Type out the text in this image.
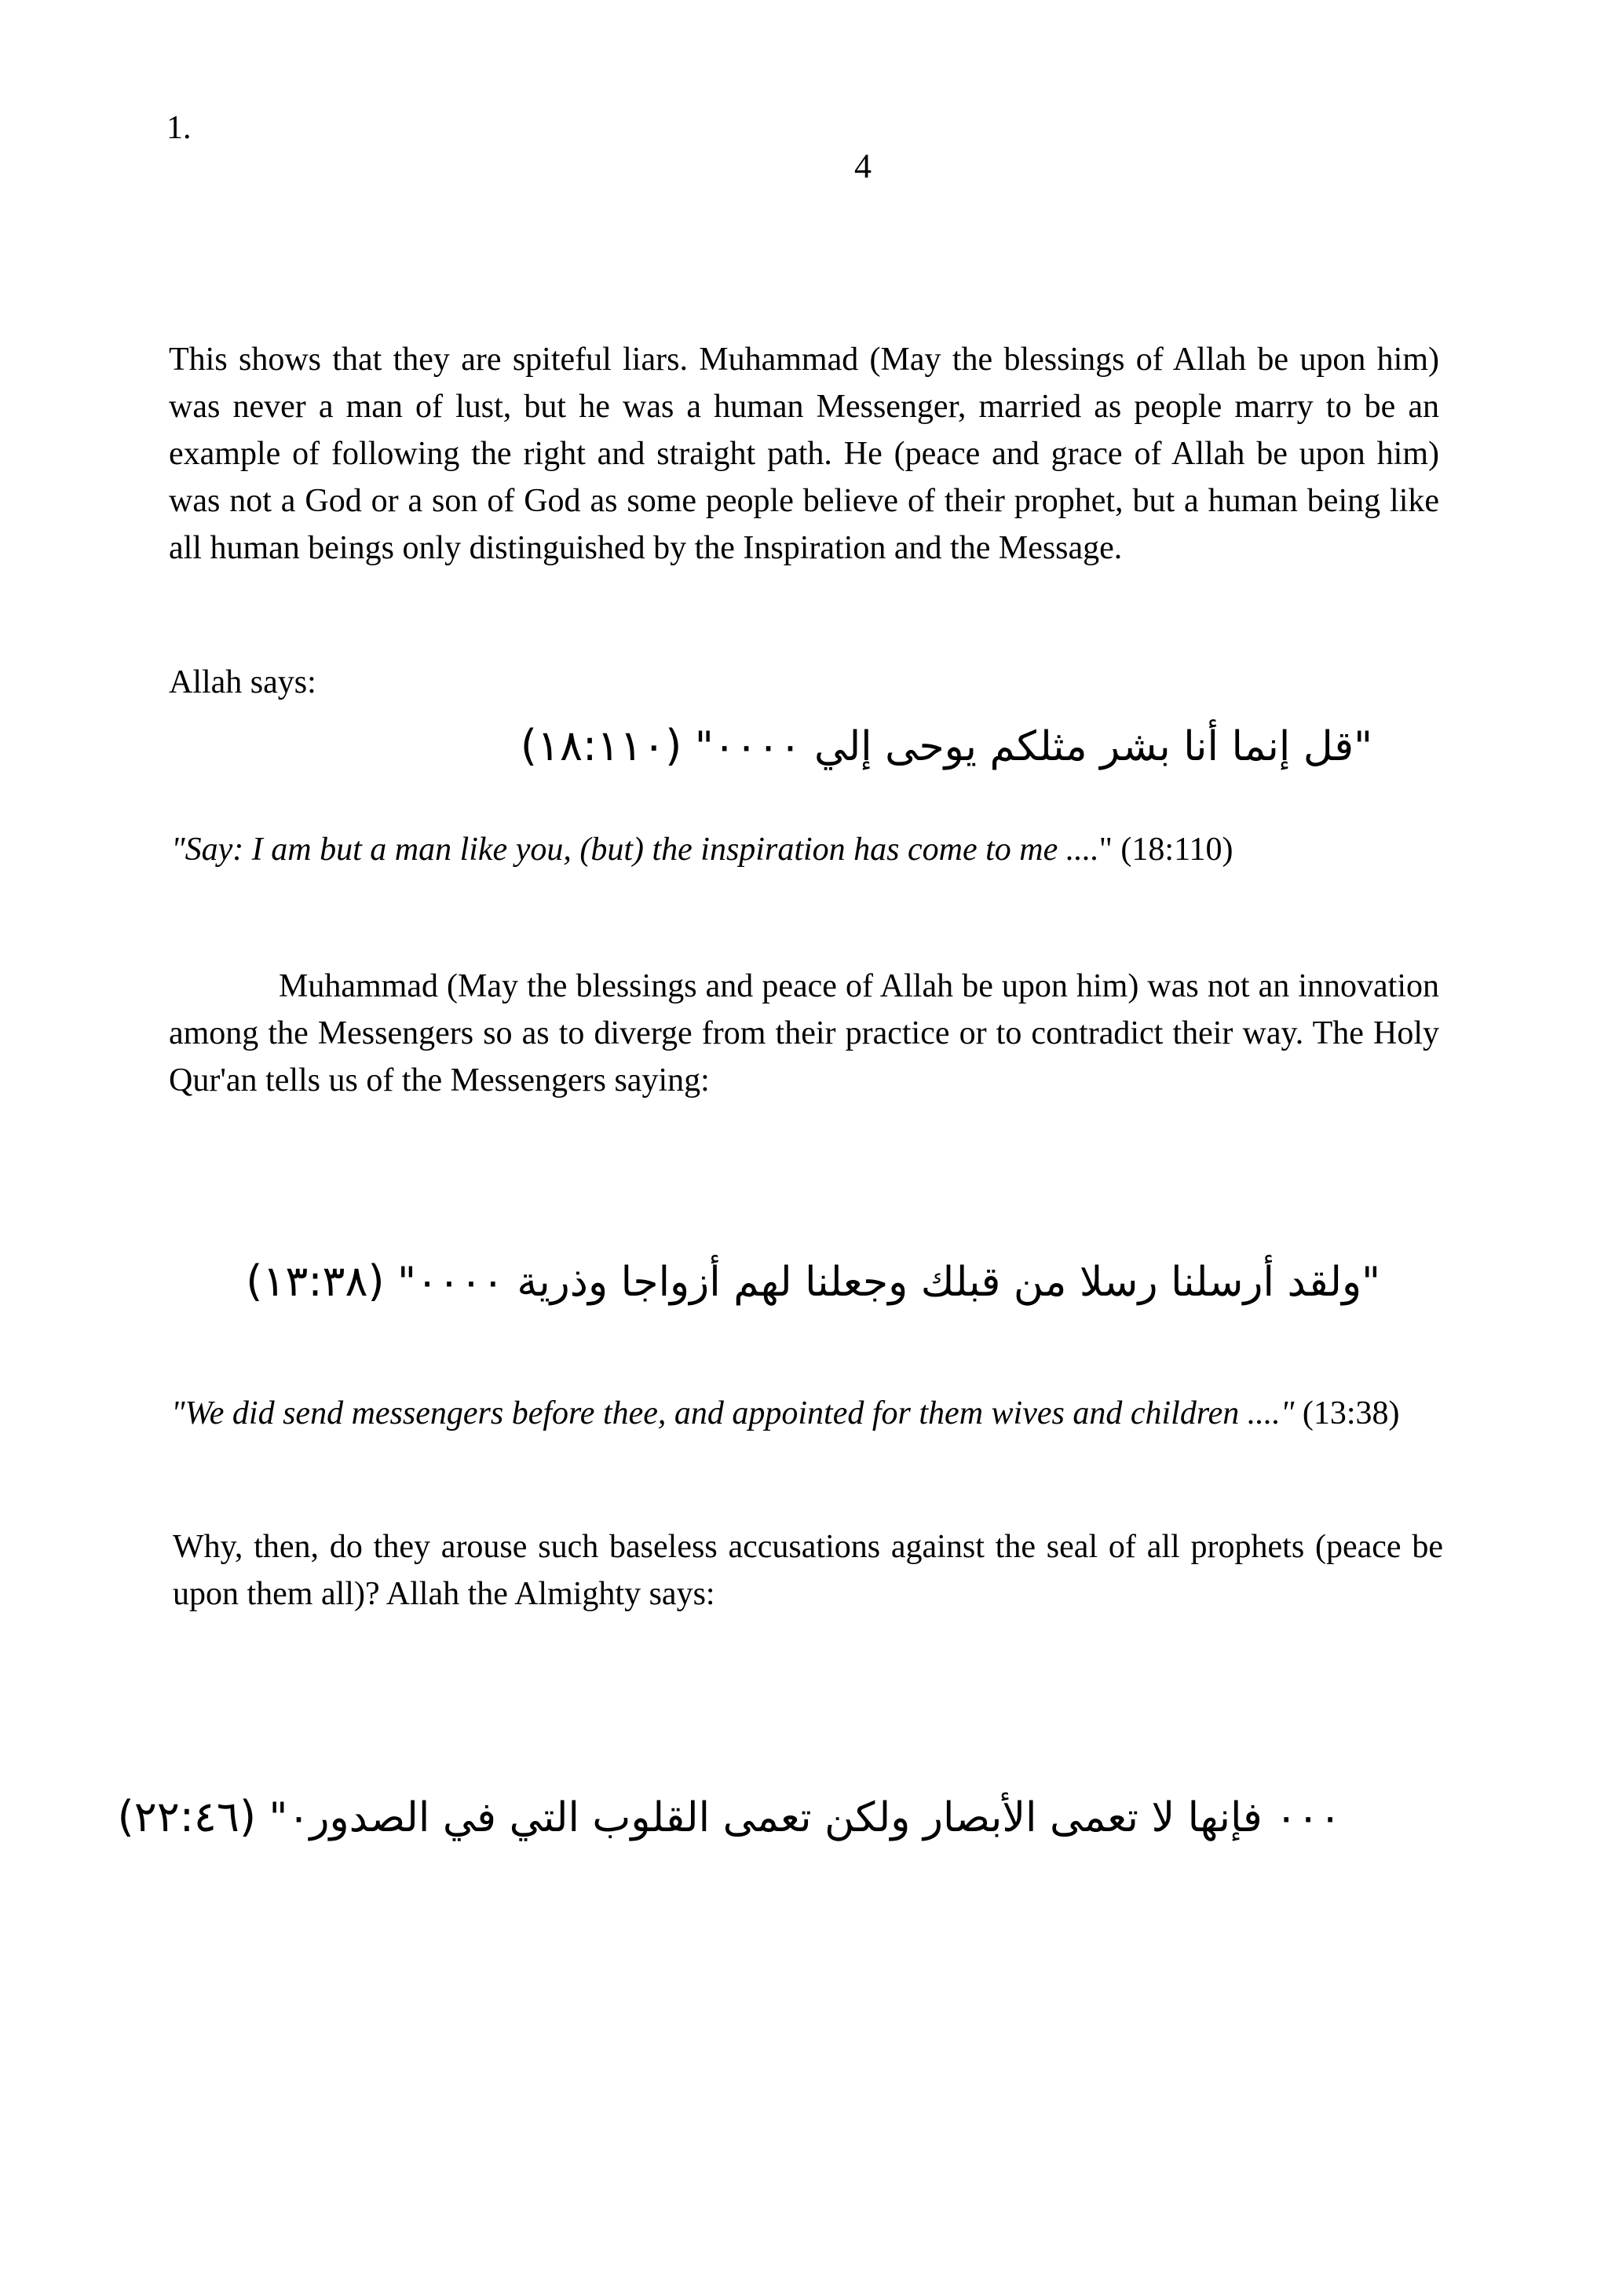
1.
4

This shows that they are spiteful liars. Muhammad (May the blessings of Allah be upon him) was never a man of lust, but he was a human Messenger, married as people marry to be an example of following the right and straight path. He (peace and grace of Allah be upon him) was not a God or a son of God as some people believe of their prophet, but a human being like all human beings only distinguished by the Inspiration and the Message.

Allah says:
"قل إنما أنا بشر مثلكم يوحى إلي ٠٠٠٠" (١٨:١١٠)

"Say: I am but a man like you, (but) the inspiration has come to me ...." (18:110)

Muhammad (May the blessings and peace of Allah be upon him) was not an innovation among the Messengers so as to diverge from their practice or to contradict their way. The Holy Qur'an tells us of the Messengers saying:

"ولقد أرسلنا رسلا من قبلك وجعلنا لهم أزواجا وذرية ٠٠٠٠" (١٣:٣٨)

"We did send messengers before thee, and appointed for them wives and children ...." (13:38)

Why, then, do they arouse such baseless accusations against the seal of all prophets (peace be upon them all)? Allah the Almighty says:

٠٠٠ فإنها لا تعمى الأبصار ولكن تعمى القلوب التي في الصدور٠" (٢٢:٤٦)
